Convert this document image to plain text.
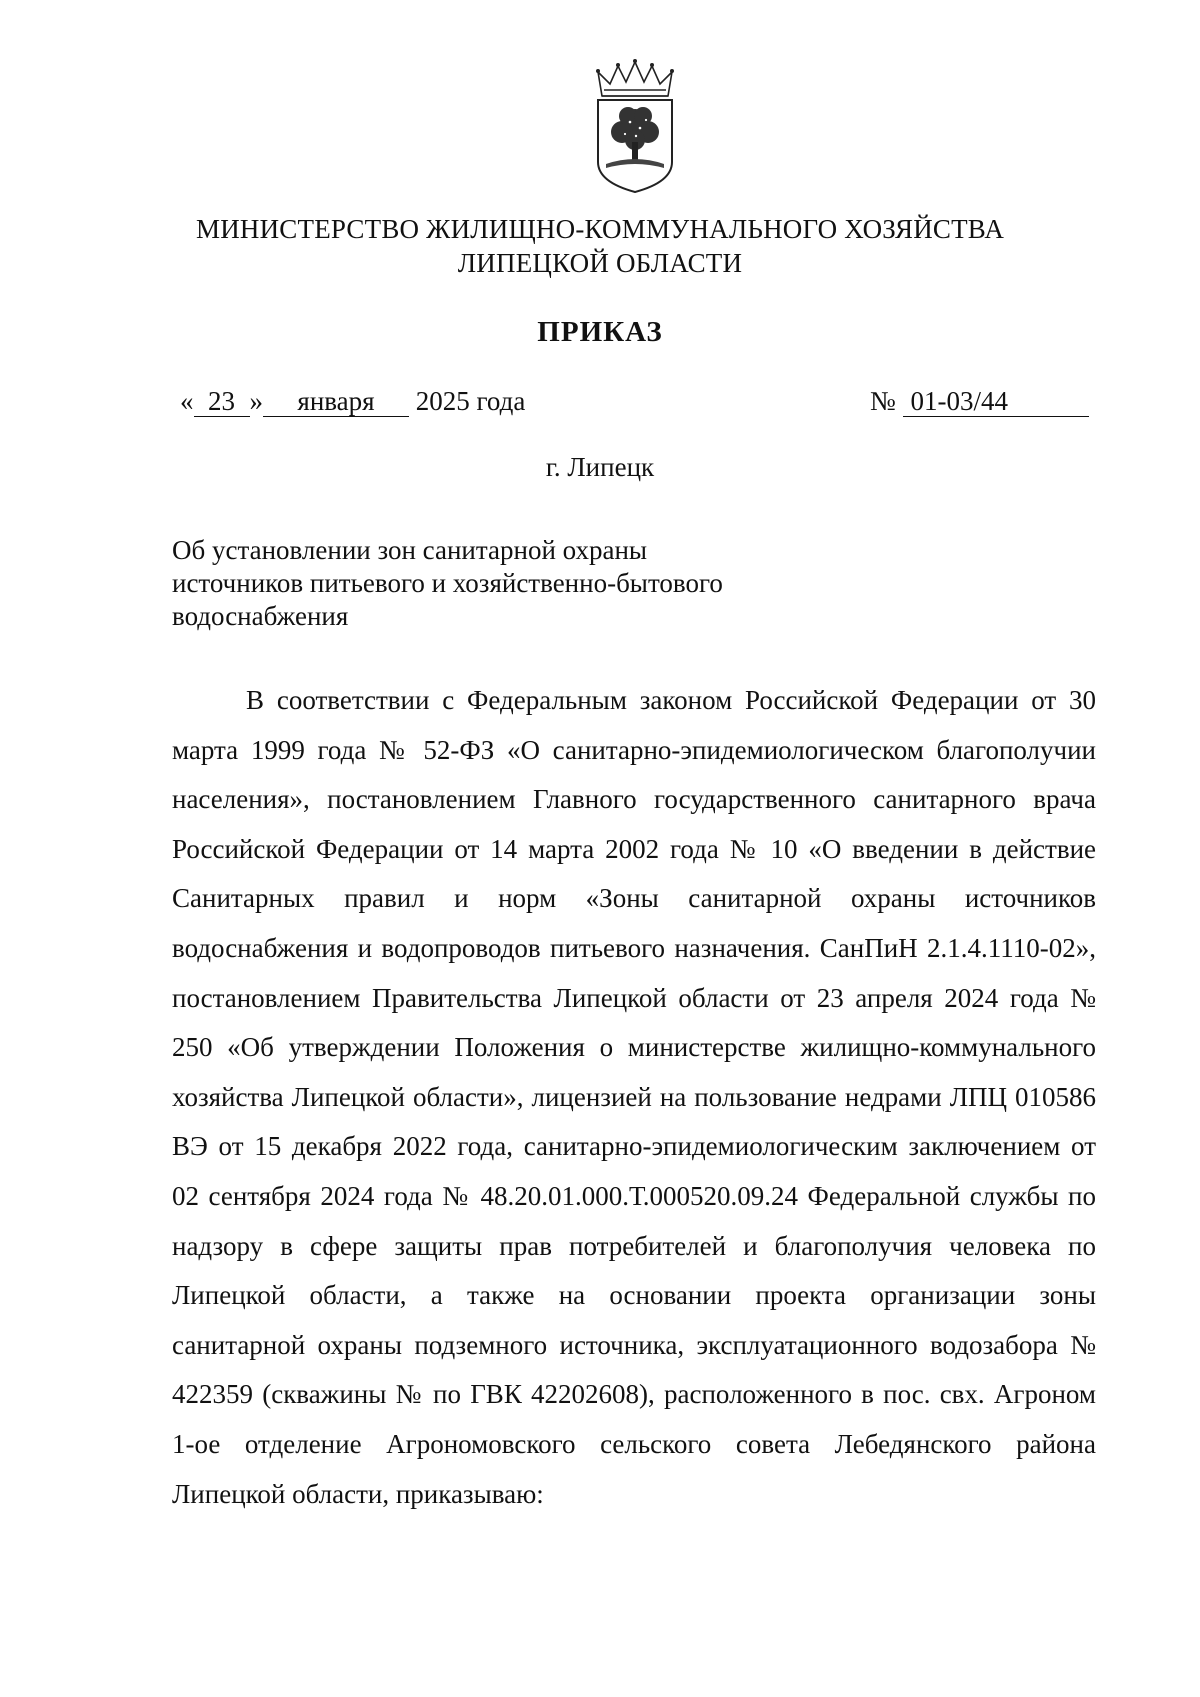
МИНИСТЕРСТВО ЖИЛИЩНО-КОММУНАЛЬНОГО ХОЗЯЙСТВА
ЛИПЕЦКОЙ ОБЛАСТИ
ПРИКАЗ
« 23 » января 2025 года	№ 01-03/44
г. Липецк
Об установлении зон санитарной охраны
источников питьевого и хозяйственно-бытового
водоснабжения

В соответствии с Федеральным законом Российской Федерации от 30 марта 1999 года № 52-ФЗ «О санитарно-эпидемиологическом благополучии населения», постановлением Главного государственного санитарного врача Российской Федерации от 14 марта 2002 года № 10 «О введении в действие Санитарных правил и норм «Зоны санитарной охраны источников водоснабжения и водопроводов питьевого назначения. СанПиН 2.1.4.1110-02», постановлением Правительства Липецкой области от 23 апреля 2024 года № 250 «Об утверждении Положения о министерстве жилищно-коммунального хозяйства Липецкой области», лицензией на пользование недрами ЛПЦ 010586 ВЭ от 15 декабря 2022 года, санитарно-эпидемиологическим заключением от 02 сентября 2024 года № 48.20.01.000.Т.000520.09.24 Федеральной службы по надзору в сфере защиты прав потребителей и благополучия человека по Липецкой области, а также на основании проекта организации зоны санитарной охраны подземного источника, эксплуатационного водозабора № 422359 (скважины № по ГВК 42202608), расположенного в пос. свх. Агроном 1-ое отделение Агрономовского сельского совета Лебедянского района Липецкой области, приказываю:
